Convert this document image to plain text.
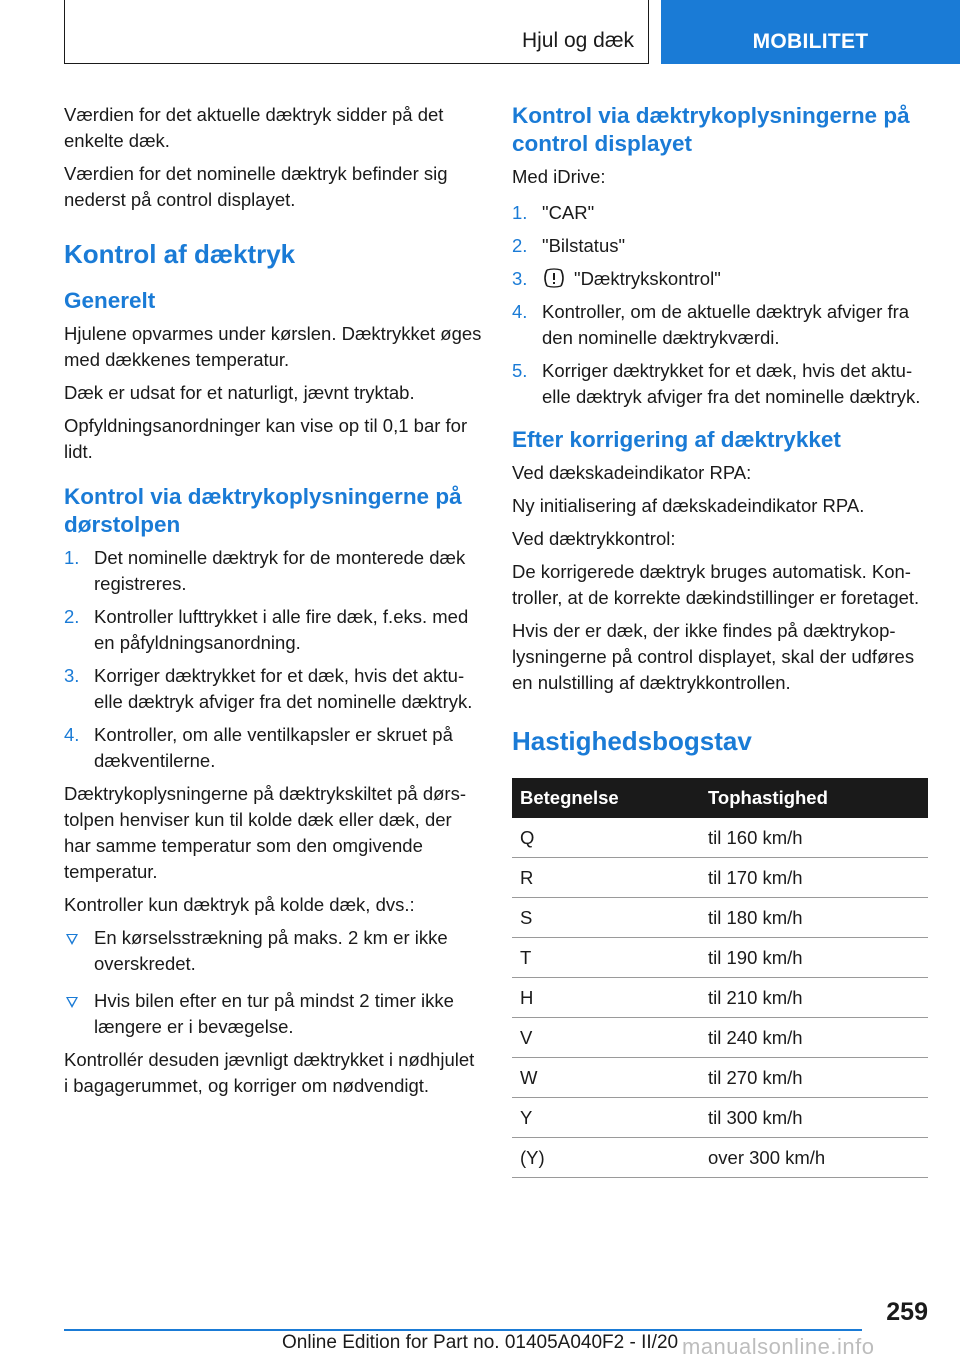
Hjul og dæk	MOBILITET

Værdien for det aktuelle dæktryk sidder på det enkelte dæk.

Værdien for det nominelle dæktryk befinder sig nederst på control displayet.

Kontrol af dæktryk
Generelt

Hjulene opvarmes under kørslen. Dæktrykket øges med dækkenes temperatur.

Dæk er udsat for et naturligt, jævnt tryktab.

Opfyldningsanordninger kan vise op til 0,1 bar for lidt.

Kontrol via dæktrykoplysningerne på dørstolpen
1. Det nominelle dæktryk for de monterede dæk registreres.
2. Kontroller lufttrykket i alle fire dæk, f.eks. med en påfyldningsanordning.
3. Korriger dæktrykket for et dæk, hvis det aktuelle dæktryk afviger fra det nominelle dæktryk.
4. Kontroller, om alle ventilkapsler er skruet på dækventilerne.

Dæktrykoplysningerne på dæktrykskiltet på dørstolpen henviser kun til kolde dæk eller dæk, der har samme temperatur som den omgivende temperatur.

Kontroller kun dæktryk på kolde dæk, dvs.:

En kørselsstrækning på maks. 2 km er ikke overskredet.
Hvis bilen efter en tur på mindst 2 timer ikke længere er i bevægelse.

Kontrollér desuden jævnligt dæktrykket i nødhjulet i bagagerummet, og korriger om nødvendigt.

Kontrol via dæktrykoplysningerne på control displayet

Med iDrive:

1. "CAR"
2. "Bilstatus"
3.	"Dæktrykskontrol"
4. Kontroller, om de aktuelle dæktryk afviger fra den nominelle dæktrykværdi.
5. Korriger dæktrykket for et dæk, hvis det aktuelle dæktryk afviger fra det nominelle dæktryk.
Efter korrigering af dæktrykket

Ved dækskadeindikator RPA:

Ny initialisering af dækskadeindikator RPA.

Ved dæktrykkontrol:

De korrigerede dæktryk bruges automatisk. Kontroller, at de korrekte dækindstillinger er foretaget.

Hvis der er dæk, der ikke findes på dæktrykoplysningerne på control displayet, skal der udføres en nulstilling af dæktrykkontrollen.

Hastighedsbogstav
Betegnelse	Tophastighed
Q	til 160 km/h
R	til 170 km/h
S	til 180 km/h
T	til 190 km/h
H	til 210 km/h
V	til 240 km/h
W	til 270 km/h
Y	til 300 km/h
(Y)	over 300 km/h
259
Online Edition for Part no. 01405A040F2 - II/20 manualsonline.info
